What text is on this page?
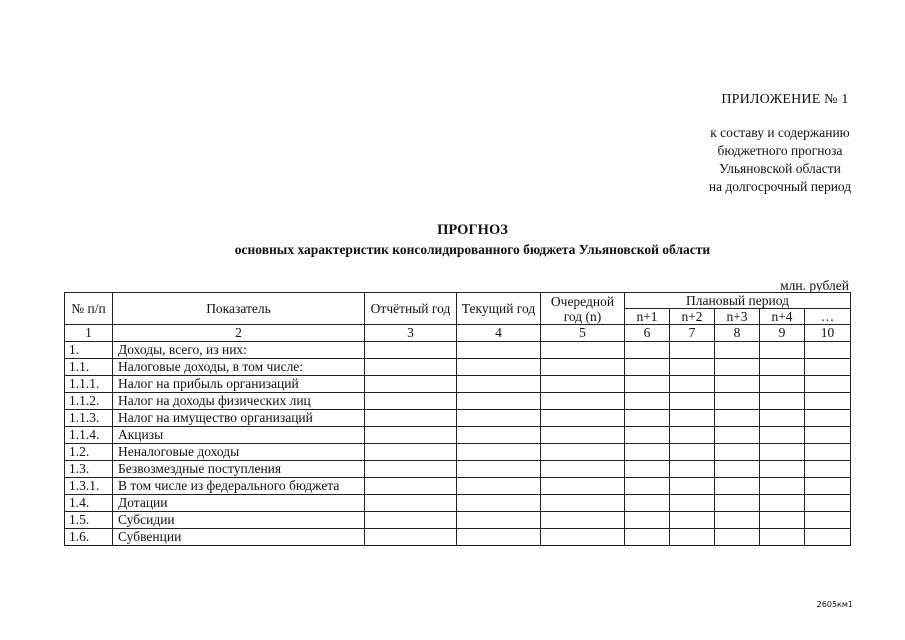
ПРИЛОЖЕНИЕ № 1
к составу и содержанию
бюджетного прогноза
Ульяновской области
на долгосрочный период
ПРОГНОЗ
основных характеристик консолидированного бюджета Ульяновской области
млн. рублей
№ п/п	Показатель	Отчётный год	Текущий год	Очередной год (n)	Плановый период				
					n+1	n+2	n+3	n+4	…
1	2	3	4	5	6	7	8	9	10
1.	Доходы, всего, из них:								
1.1.	Налоговые доходы, в том числе:								
1.1.1.	Налог на прибыль организаций								
1.1.2.	Налог на доходы физических лиц								
1.1.3.	Налог на имущество организаций								
1.1.4.	Акцизы								
1.2.	Неналоговые доходы								
1.3.	Безвозмездные поступления								
1.3.1.	В том числе из федерального бюджета								
1.4.	Дотации								
1.5.	Субсидии								
1.6.	Субвенции								
2605км1
